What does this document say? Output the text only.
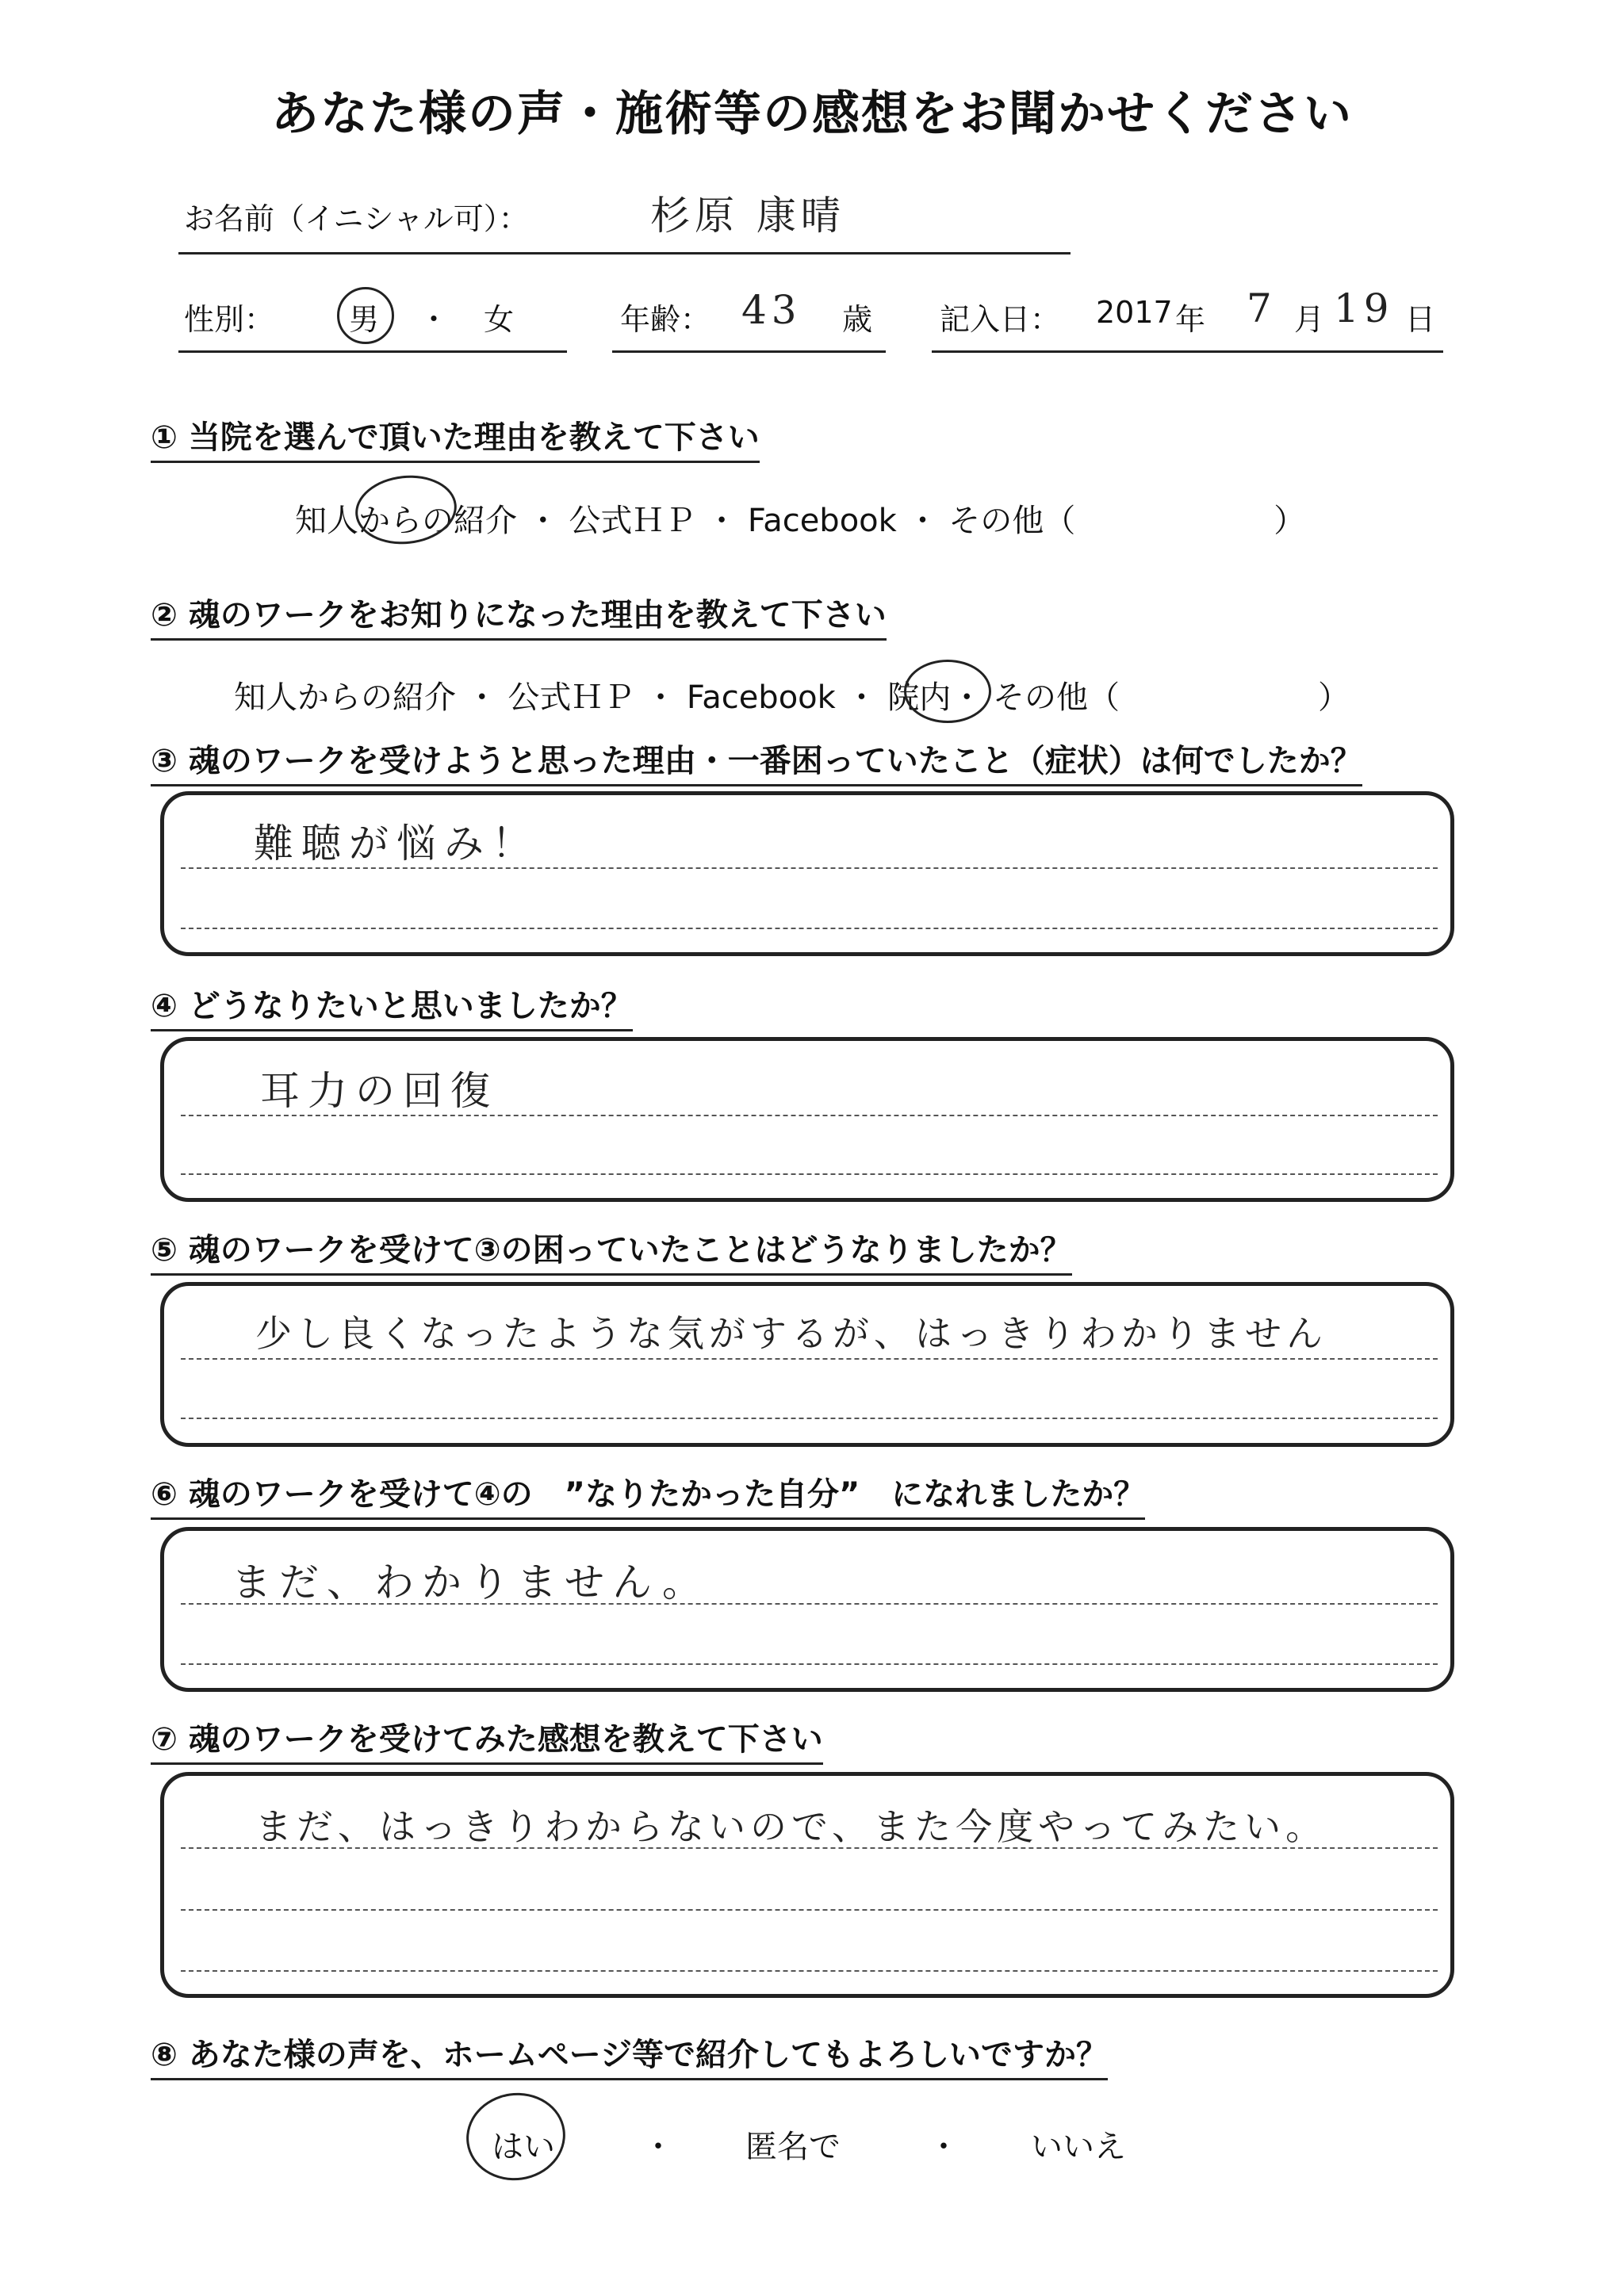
あなた様の声・施術等の感想をお聞かせください
お名前（イニシャル可）：	杉原 康晴
性別： 男 ・ 女	年齢： 43 歳 記入日： 2017 年 7 月 19 日
① 当院を選んで頂いた理由を教えて下さい
知人からの紹介 ・ 公式ＨＰ ・ Facebook ・ その他（	）
② 魂のワークをお知りになった理由を教えて下さい
知人からの紹介 ・ 公式ＨＰ ・ Facebook ・ 院内・ その他（	）
③ 魂のワークを受けようと思った理由・一番困っていたこと（症状）は何でしたか？
難聴が悩み！
④ どうなりたいと思いましたか？
耳力の回復
⑤ 魂のワークを受けて③の困っていたことはどうなりましたか？
少し良くなったような気がするが、はっきりわかりません
⑥ 魂のワークを受けて④の　”なりたかった自分”　になれましたか？
まだ、わかりません。
⑦ 魂のワークを受けてみた感想を教えて下さい
まだ、はっきりわからないので、また今度やってみたい。
⑧ あなた様の声を、ホームページ等で紹介してもよろしいですか？
はい	・ 匿名で	・ いいえ
